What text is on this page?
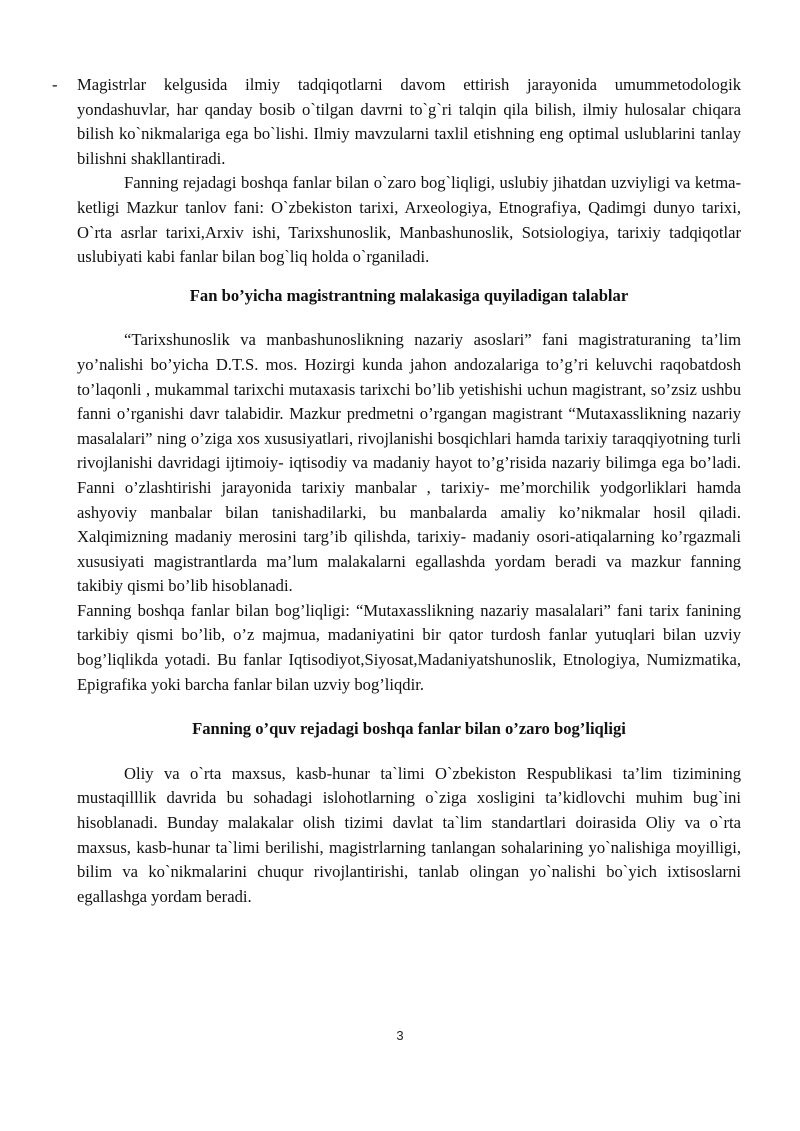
- Magistrlar kelgusida ilmiy tadqiqotlarni davom ettirish jarayonida umummetodologik yondashuvlar, har qanday bosib o`tilgan davrni to`g`ri talqin qila bilish, ilmiy hulosalar chiqara bilish ko`nikmalariga ega bo`lishi. Ilmiy mavzularni taxlil etishning eng optimal uslublarini tanlay bilishni shakllantiradi.

Fanning rejadagi boshqa fanlar bilan o`zaro bog`liqligi, uslubiy jihatdan uzviyligi va ketma-ketligi Mazkur tanlov fani: O`zbekiston tarixi, Arxeologiya, Etnografiya, Qadimgi dunyo tarixi, O`rta asrlar tarixi,Arxiv ishi, Tarixshunoslik, Manbashunoslik, Sotsiologiya, tarixiy tadqiqotlar uslubiyati kabi fanlar bilan bog`liq holda o`rganiladi.

Fan bo’yicha magistrantning malakasiga quyiladigan talablar

“Tarixshunoslik va manbashunoslikning nazariy asoslari” fani magistraturaning ta’lim yo’nalishi bo’yicha D.T.S. mos. Hozirgi kunda jahon andozalariga to’g’ri keluvchi raqobatdosh to’laqonli , mukammal tarixchi mutaxasis tarixchi bo’lib yetishishi uchun magistrant, so’zsiz ushbu fanni o’rganishi davr talabidir. Mazkur predmetni o’rgangan magistrant “Mutaxasslikning nazariy masalalari” ning o’ziga xos xususiyatlari, rivojlanishi bosqichlari hamda tarixiy taraqqiyotning turli rivojlanishi davridagi ijtimoiy- iqtisodiy va madaniy hayot to’g’risida nazariy bilimga ega bo’ladi. Fanni o’zlashtirishi jarayonida tarixiy manbalar , tarixiy- me’morchilik yodgorliklari hamda ashyoviy manbalar bilan tanishadilarki, bu manbalarda amaliy ko’nikmalar hosil qiladi. Xalqimizning madaniy merosini targ’ib qilishda, tarixiy- madaniy osori-atiqalarning ko’rgazmali xususiyati magistrantlarda ma’lum malakalarni egallashda yordam beradi va mazkur fanning takibiy qismi bo’lib hisoblanadi.

Fanning boshqa fanlar bilan bog’liqligi: “Mutaxasslikning nazariy masalalari” fani tarix fanining tarkibiy qismi bo’lib, o’z majmua, madaniyatini bir qator turdosh fanlar yutuqlari bilan uzviy bog’liqlikda yotadi. Bu fanlar Iqtisodiyot,Siyosat,Madaniyatshunoslik, Etnologiya, Numizmatika, Epigrafika yoki barcha fanlar bilan uzviy bog’liqdir.

Fanning o’quv rejadagi boshqa fanlar bilan o’zaro bog’liqligi

Oliy va o`rta maxsus, kasb-hunar ta`limi O`zbekiston Respublikasi ta’lim tizimining mustaqilllik davrida bu sohadagi islohotlarning o`ziga xosligini ta’kidlovchi muhim bug`ini hisoblanadi. Bunday malakalar olish tizimi davlat ta`lim standartlari doirasida Oliy va o`rta maxsus, kasb-hunar ta`limi berilishi, magistrlarning tanlangan sohalarining yo`nalishiga moyilligi, bilim va ko`nikmalarini chuqur rivojlantirishi, tanlab olingan yo`nalishi bo`yich ixtisoslarni egallashga yordam beradi.

3
